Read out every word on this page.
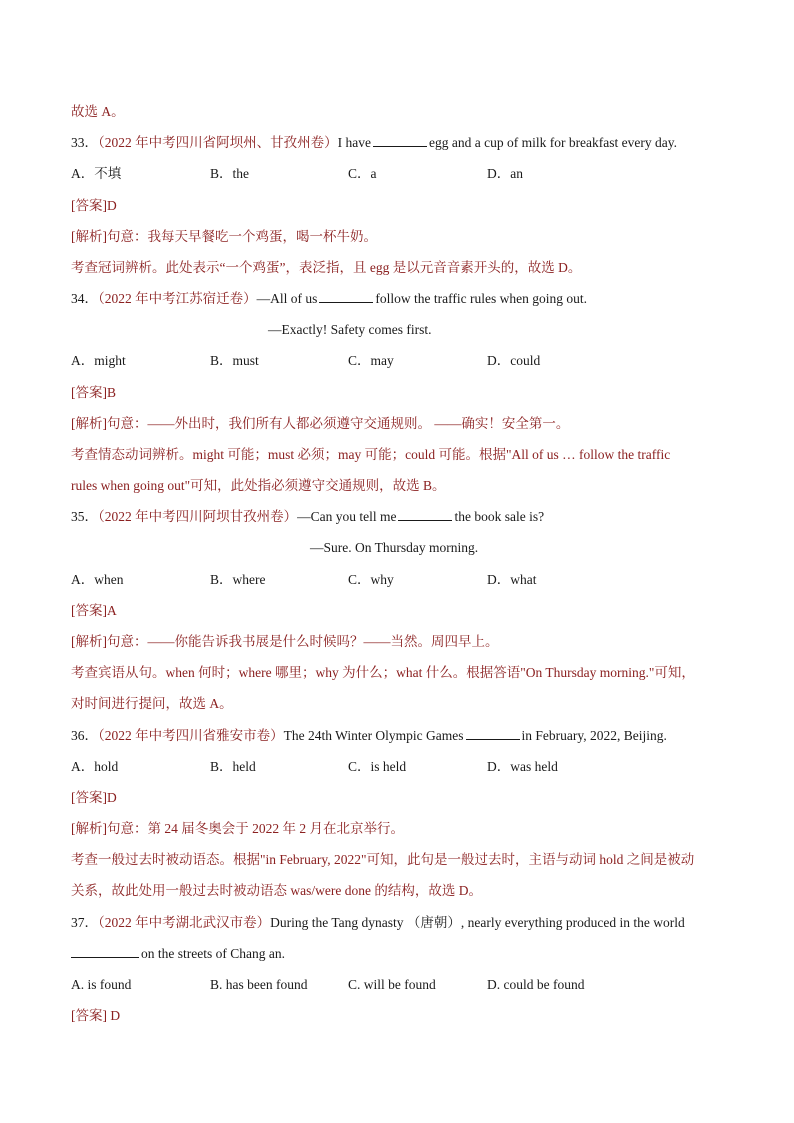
故选 A。
33．（2022 年中考四川省阿坝州、甘孜州卷）I have	egg and a cup of milk for breakfast every day.
A．不填	B．the	C．a	D．an
[答案]D
[解析]句意：我每天早餐吃一个鸡蛋，喝一杯牛奶。
考查冠词辨析。此处表示“一个鸡蛋”，表泛指，且 egg 是以元音音素开头的，故选 D。
34．（2022 年中考江苏宿迁卷）—All of us	follow the traffic rules when going out.
—Exactly! Safety comes first.
A．might	B．must	C．may	D．could
[答案]B
[解析]句意：——外出时，我们所有人都必须遵守交通规则。 ——确实！安全第一。
考查情态动词辨析。might 可能；must 必须；may 可能；could 可能。根据"All of us … follow the traffic
rules when going out"可知，此处指必须遵守交通规则，故选 B。
35．（2022 年中考四川阿坝甘孜州卷）—Can you tell me	the book sale is?
—Sure. On Thursday morning.
A．when	B．where	C．why	D．what
[答案]A
[解析]句意：——你能告诉我书展是什么时候吗？——当然。周四早上。
考查宾语从句。when 何时；where 哪里；why 为什么；what 什么。根据答语"On Thursday morning."可知，
对时间进行提问，故选 A。
36．（2022 年中考四川省雅安市卷）The 24th Winter Olympic Games	in February, 2022, Beijing.
A．hold	B．held	C．is held	D．was held
[答案]D
[解析]句意：第 24 届冬奥会于 2022 年 2 月在北京举行。
考查一般过去时被动语态。根据"in February, 2022"可知，此句是一般过去时，主语与动词 hold 之间是被动
关系，故此处用一般过去时被动语态 was/were done 的结构，故选 D。
37．（2022 年中考湖北武汉市卷）During the Tang dynasty （唐朝）, nearly everything produced in the world
on the streets of Chang an.
A. is found	B. has been found	C. will be found	D. could be found
[答案] D
